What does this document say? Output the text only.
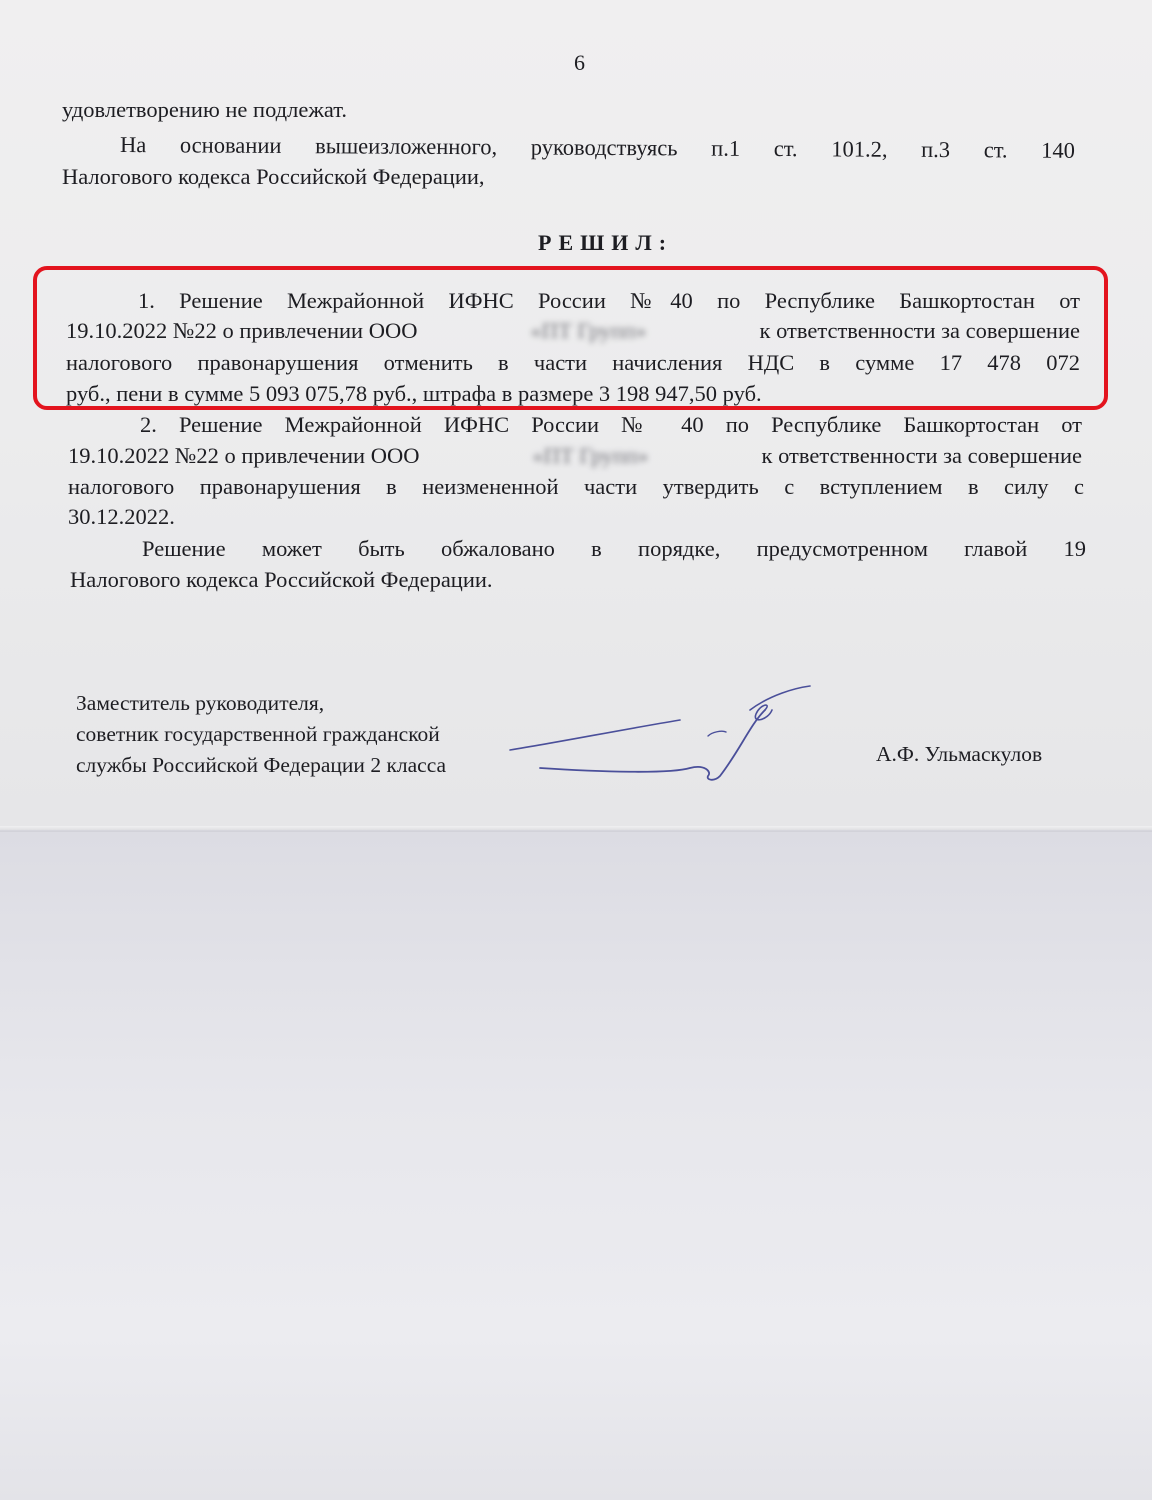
6
удовлетворению не подлежат.
На основании вышеизложенного, руководствуясь п.1 ст. 101.2, п.3 ст. 140
Налогового кодекса Российской Федерации,
РЕШИЛ:
1. Решение Межрайонной ИФНС России №40 по Республике Башкортостан от
19.10.2022 №22 о привлечении ООО	«ПТ Групп»	к ответственности за совершение
налогового правонарушения отменить в части начисления НДС в сумме 17 478 072
руб., пени в сумме 5 093 075,78 руб., штрафа в размере 3 198 947,50 руб.
2. Решение Межрайонной ИФНС России № 40 по Республике Башкортостан от
19.10.2022 №22 о привлечении ООО	«ПТ Групп»	к ответственности за совершение
налогового правонарушения в неизмененной части утвердить с вступлением в силу с
30.12.2022.
Решение может быть обжаловано в порядке, предусмотренном главой 19
Налогового кодекса Российской Федерации.
Заместитель руководителя,
советник государственной гражданской
службы Российской Федерации 2 класса	А.Ф. Ульмаскулов
